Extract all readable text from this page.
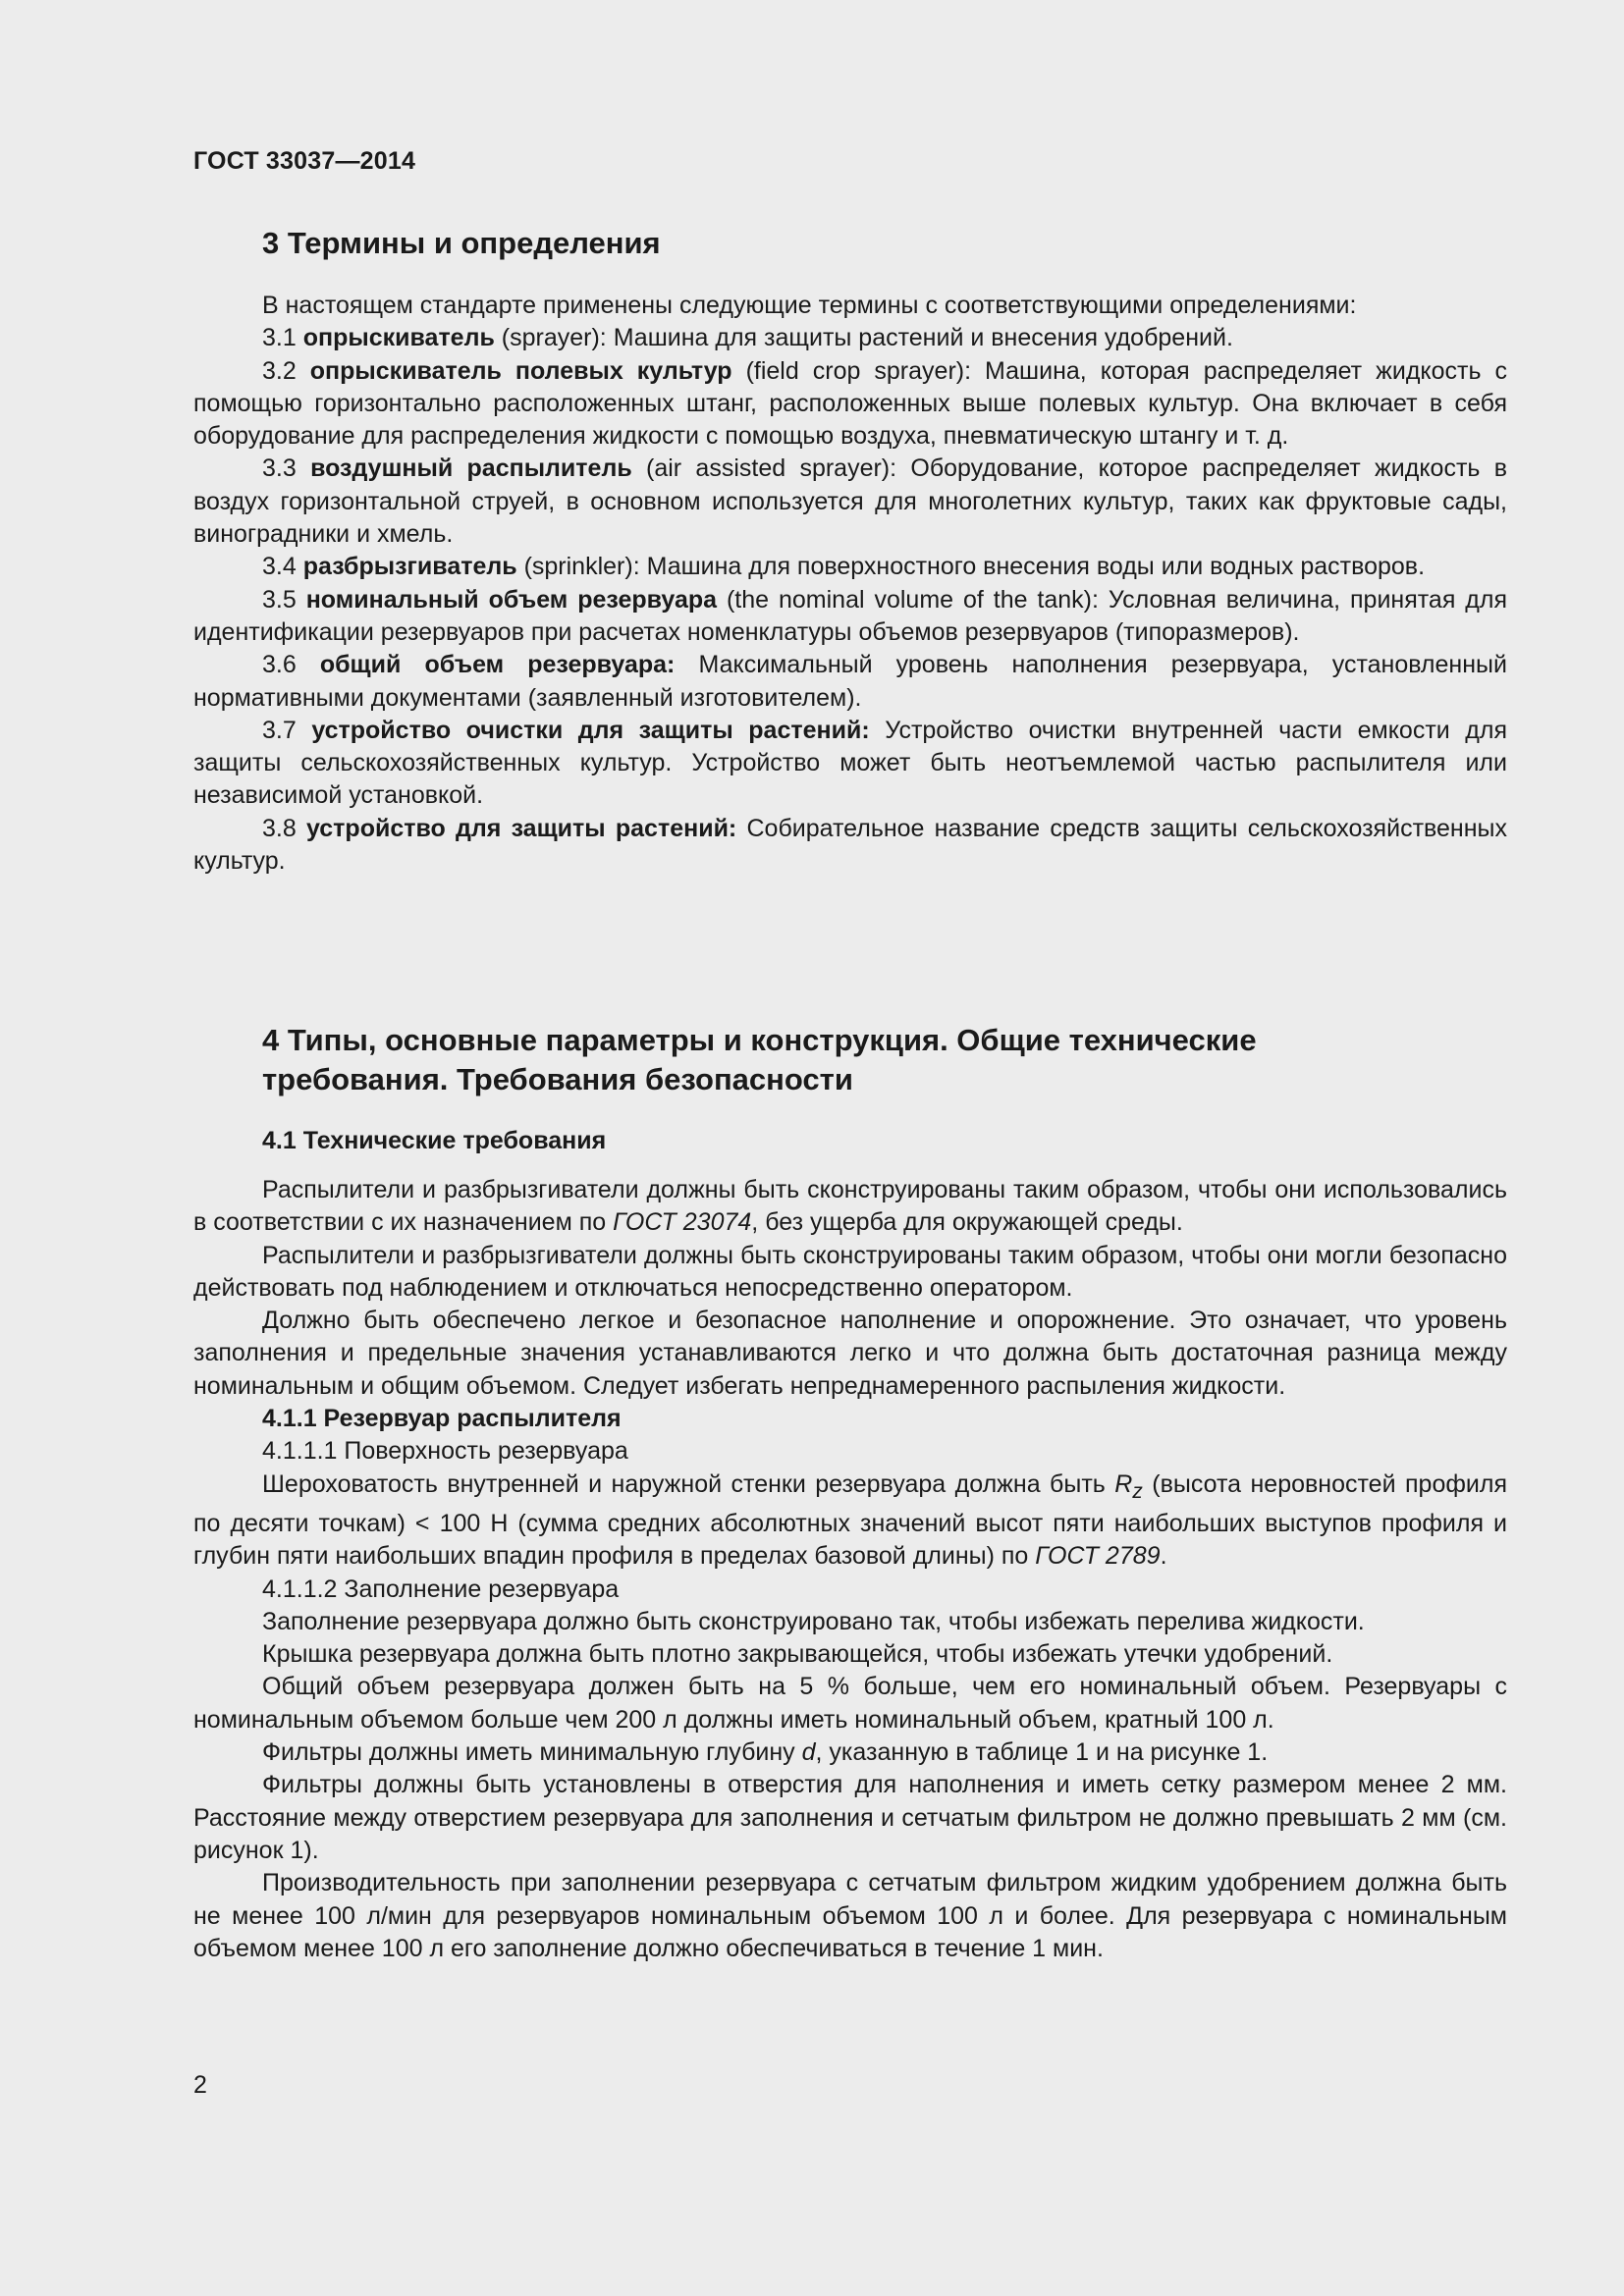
ГОСТ 33037—2014
3 Термины и определения

В настоящем стандарте применены следующие термины с соответствующими определениями:

3.1 опрыскиватель (sprayer): Машина для защиты растений и внесения удобрений.

3.2 опрыскиватель полевых культур (field crop sprayer): Машина, которая распределяет жидкость с помощью горизонтально расположенных штанг, расположенных выше полевых культур. Она включает в себя оборудование для распределения жидкости с помощью воздуха, пневматическую штангу и т. д.

3.3 воздушный распылитель (air assisted sprayer): Оборудование, которое распределяет жидкость в воздух горизонтальной струей, в основном используется для многолетних культур, таких как фруктовые сады, виноградники и хмель.

3.4 разбрызгиватель (sprinkler): Машина для поверхностного внесения воды или водных растворов.

3.5 номинальный объем резервуара (the nominal volume of the tank): Условная величина, принятая для идентификации резервуаров при расчетах номенклатуры объемов резервуаров (типоразмеров).

3.6 общий объем резервуара: Максимальный уровень наполнения резервуара, установленный нормативными документами (заявленный изготовителем).

3.7 устройство очистки для защиты растений: Устройство очистки внутренней части емкости для защиты сельскохозяйственных культур. Устройство может быть неотъемлемой частью распылителя или независимой установкой.

3.8 устройство для защиты растений: Собирательное название средств защиты сельскохозяйственных культур.

4 Типы, основные параметры и конструкция. Общие технические
требования. Требования безопасности
4.1 Технические требования

Распылители и разбрызгиватели должны быть сконструированы таким образом, чтобы они использовались в соответствии с их назначением по ГОСТ 23074, без ущерба для окружающей среды.

Распылители и разбрызгиватели должны быть сконструированы таким образом, чтобы они могли безопасно действовать под наблюдением и отключаться непосредственно оператором.

Должно быть обеспечено легкое и безопасное наполнение и опорожнение. Это означает, что уровень заполнения и предельные значения устанавливаются легко и что должна быть достаточная разница между номинальным и общим объемом. Следует избегать непреднамеренного распыления жидкости.

4.1.1 Резервуар распылителя

4.1.1.1 Поверхность резервуара

Шероховатость внутренней и наружной стенки резервуара должна быть $R_z$ (высота неровностей профиля по десяти точкам) < 100 Н (сумма средних абсолютных значений высот пяти наибольших выступов профиля и глубин пяти наибольших впадин профиля в пределах базовой длины) по ГОСТ 2789.

4.1.1.2 Заполнение резервуара

Заполнение резервуара должно быть сконструировано так, чтобы избежать перелива жидкости.

Крышка резервуара должна быть плотно закрывающейся, чтобы избежать утечки удобрений.

Общий объем резервуара должен быть на 5 % больше, чем его номинальный объем. Резервуары с номинальным объемом больше чем 200 л должны иметь номинальный объем, кратный 100 л.

Фильтры должны иметь минимальную глубину d, указанную в таблице 1 и на рисунке 1.

Фильтры должны быть установлены в отверстия для наполнения и иметь сетку размером менее 2 мм. Расстояние между отверстием резервуара для заполнения и сетчатым фильтром не должно превышать 2 мм (см. рисунок 1).

Производительность при заполнении резервуара с сетчатым фильтром жидким удобрением должна быть не менее 100 л/мин для резервуаров номинальным объемом 100 л и более. Для резервуара с номинальным объемом менее 100 л его заполнение должно обеспечиваться в течение 1 мин.

2
